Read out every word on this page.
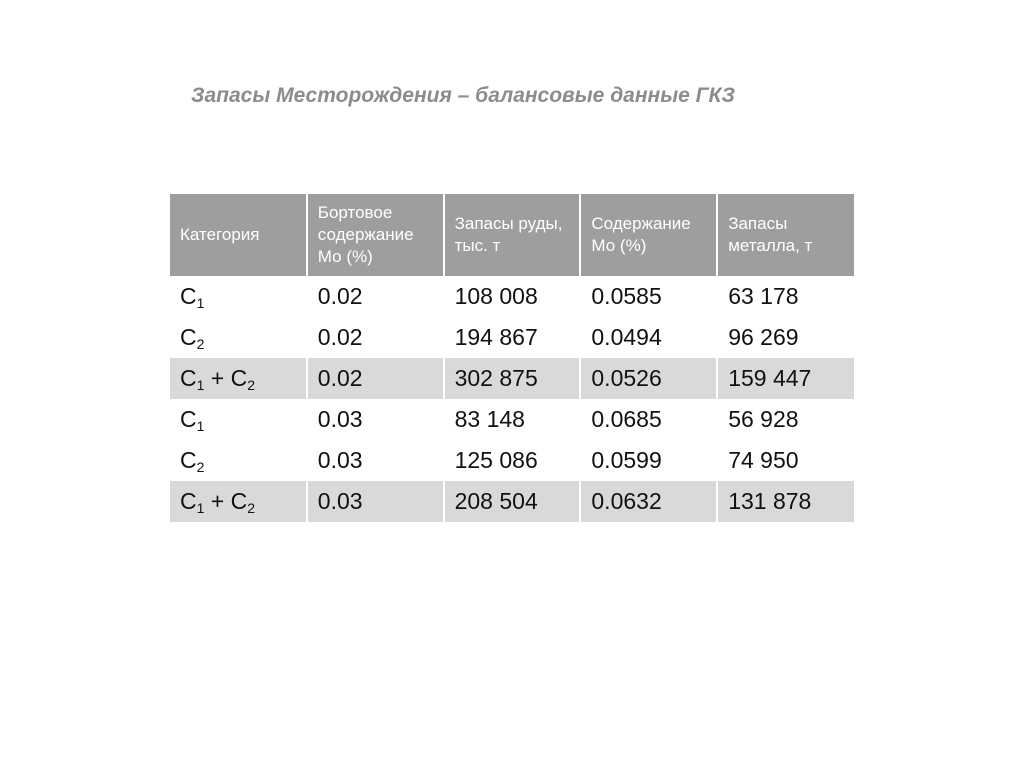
Запасы Месторождения – балансовые данные ГКЗ
Категория	Бортовое содержание Мо (%)	Запасы руды, тыс. т	Содержание Мо (%)	Запасы металла, т
$C_1$	0.02	108 008	0.0585	63 178
$C_2$	0.02	194 867	0.0494	96 269
$C_1 + C_2$	0.02	302 875	0.0526	159 447
$C_1$	0.03	83 148	0.0685	56 928
$C_2$	0.03	125 086	0.0599	74 950
$C_1 + C_2$	0.03	208 504	0.0632	131 878
